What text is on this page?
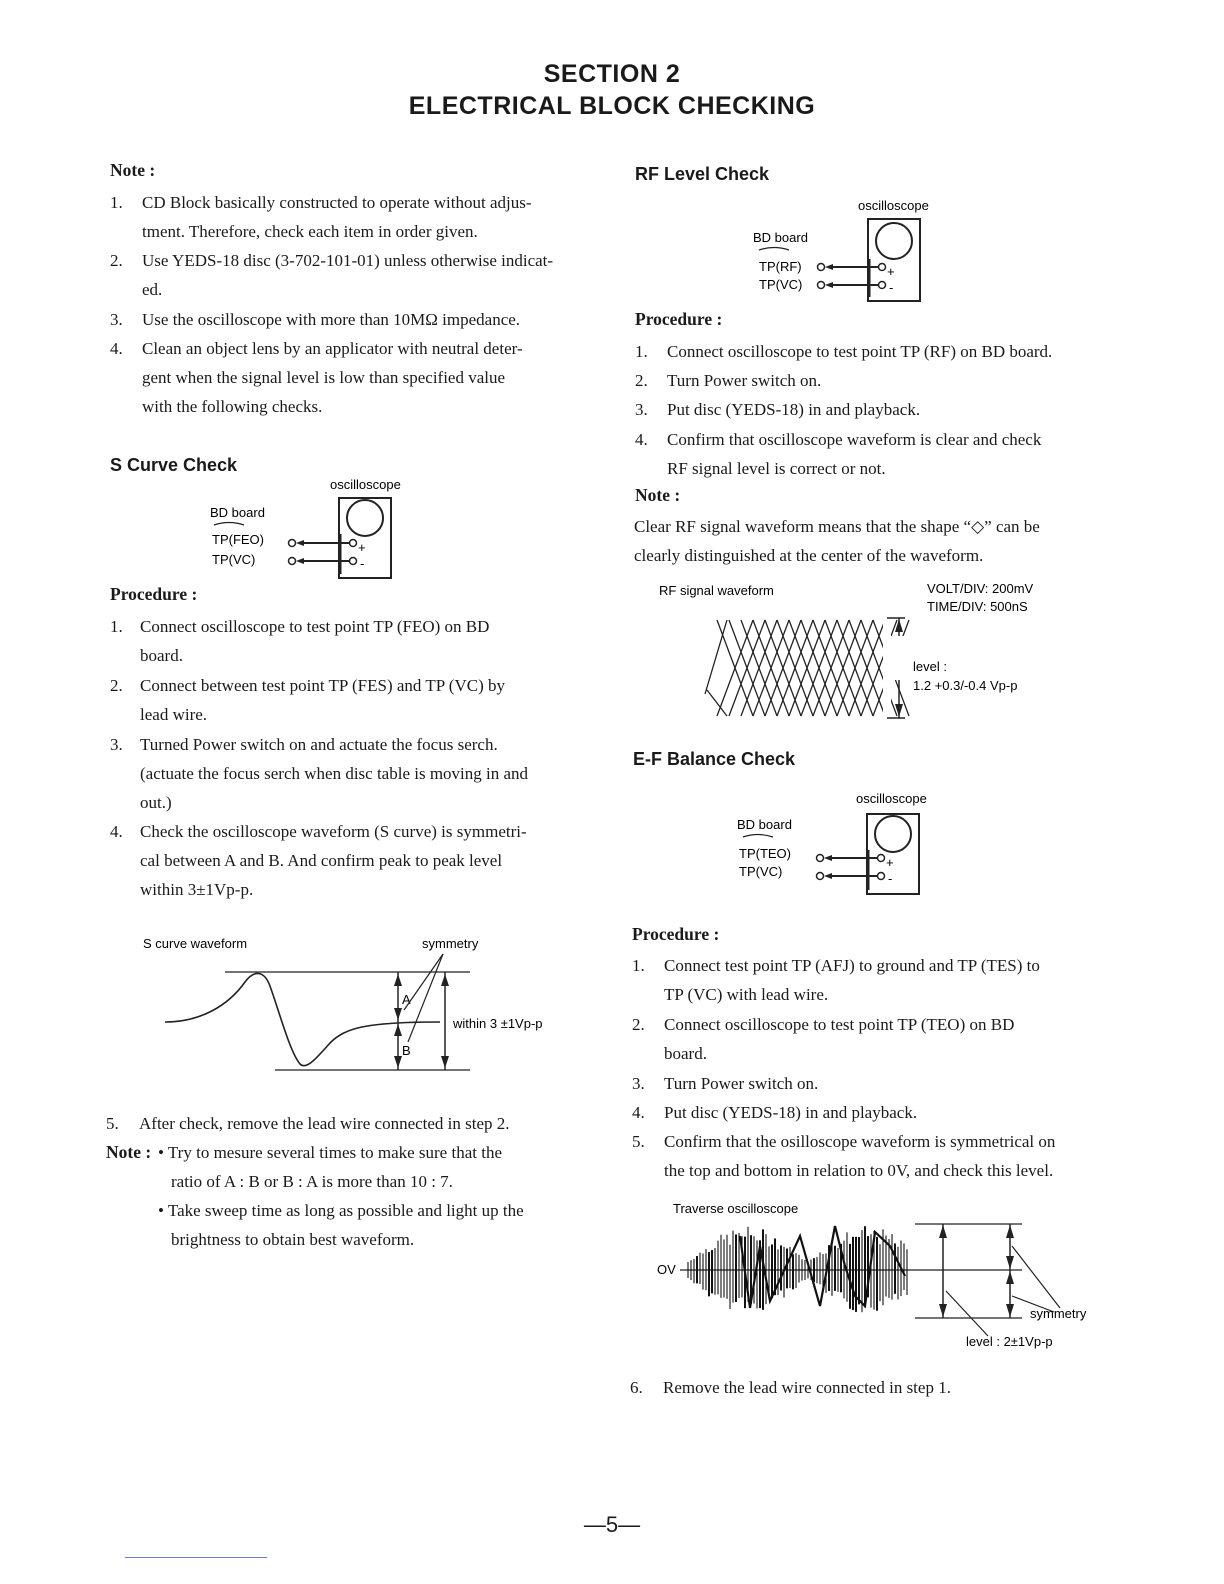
SECTION 2
ELECTRICAL BLOCK CHECKING
Note :
1. CD Block basically constructed to operate without adjus-
tment. Therefore, check each item in order given.
2. Use YEDS-18 disc (3-702-101-01) unless otherwise indicat-
ed.
3. Use the oscilloscope with more than 10MΩ impedance.
4. Clean an object lens by an applicator with neutral deter-
gent when the signal level is low than specified value
with the following checks.
S Curve Check
oscilloscope
BD board
TP(FEO)
TP(VC)
+
-
Procedure :
1. Connect oscilloscope to test point TP (FEO) on BD
board.
2. Connect between test point TP (FES) and TP (VC) by
lead wire.
3. Turned Power switch on and actuate the focus serch.
(actuate the focus serch when disc table is moving in and
out.)
4. Check the oscilloscope waveform (S curve) is symmetri-
cal between A and B. And confirm peak to peak level
within 3±1Vp-p.
S curve waveform	symmetry
A
B
within 3 ±1Vp-p
5. After check, remove the lead wire connected in step 2.
Note : • Try to mesure several times to make sure that the
ratio of A : B or B : A is more than 10 : 7.
• Take sweep time as long as possible and light up the
brightness to obtain best waveform.
RF Level Check
oscilloscope
BD board
TP(RF)
TP(VC)
+
-
Procedure :
1. Connect oscilloscope to test point TP (RF) on BD board.
2. Turn Power switch on.
3. Put disc (YEDS-18) in and playback.
4. Confirm that oscilloscope waveform is clear and check
RF signal level is correct or not.
Note :
Clear RF signal waveform means that the shape “◇” can be
clearly distinguished at the center of the waveform.
RF signal waveform	VOLT/DIV: 200mV
TIME/DIV: 500nS
level :
1.2 +0.3/-0.4 Vp-p
E-F Balance Check
oscilloscope
BD board
TP(TEO)
TP(VC)
+
-
Procedure :
1. Connect test point TP (AFJ) to ground and TP (TES) to
TP (VC) with lead wire.
2. Connect oscilloscope to test point TP (TEO) on BD
board.
3. Turn Power switch on.
4. Put disc (YEDS-18) in and playback.
5. Confirm that the osilloscope waveform is symmetrical on
the top and bottom in relation to 0V, and check this level.
Traverse oscilloscope
OV
symmetry
level : 2±1Vp-p
6. Remove the lead wire connected in step 1.
—5—
